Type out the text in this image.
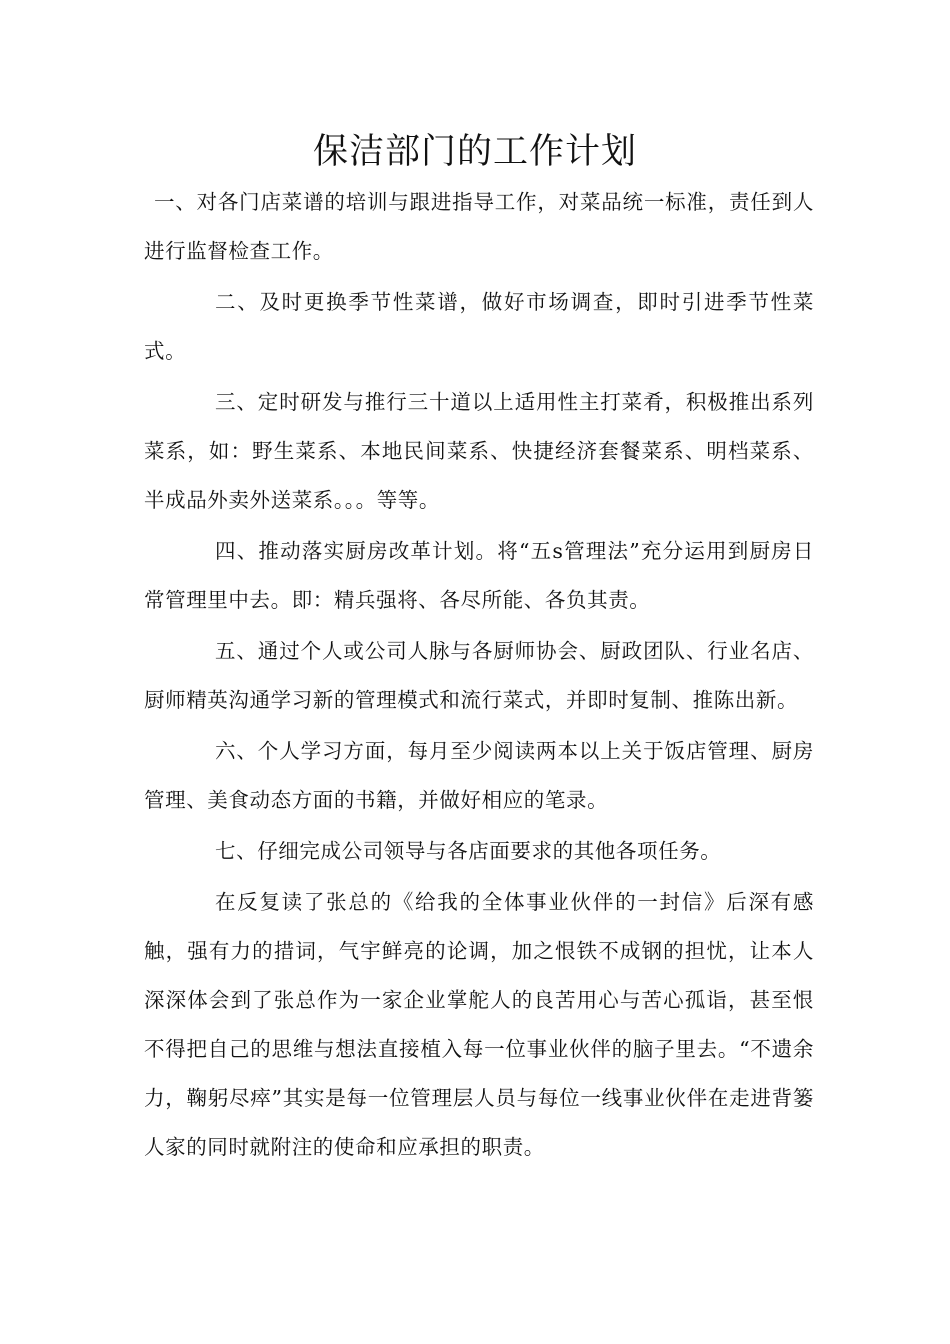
保洁部门的工作计划

一、对各门店菜谱的培训与跟进指导工作，对菜品统一标准，责任到人进行监督检查工作。

二、及时更换季节性菜谱，做好市场调查，即时引进季节性菜式。

三、定时研发与推行三十道以上适用性主打菜肴，积极推出系列菜系，如：野生菜系、本地民间菜系、快捷经济套餐菜系、明档菜系、半成品外卖外送菜系。。。等等。

四、推动落实厨房改革计划。将“五s管理法”充分运用到厨房日常管理里中去。即：精兵强将、各尽所能、各负其责。

五、通过个人或公司人脉与各厨师协会、厨政团队、行业名店、厨师精英沟通学习新的管理模式和流行菜式，并即时复制、推陈出新。

六、个人学习方面，每月至少阅读两本以上关于饭店管理、厨房管理、美食动态方面的书籍，并做好相应的笔录。

七、仔细完成公司领导与各店面要求的其他各项任务。

在反复读了张总的《给我的全体事业伙伴的一封信》后深有感触，强有力的措词，气宇鲜亮的论调，加之恨铁不成钢的担忧，让本人深深体会到了张总作为一家企业掌舵人的良苦用心与苦心孤诣，甚至恨不得把自己的思维与想法直接植入每一位事业伙伴的脑子里去。“不遗余力，鞠躬尽瘁”其实是每一位管理层人员与每位一线事业伙伴在走进背篓人家的同时就附注的使命和应承担的职责。
